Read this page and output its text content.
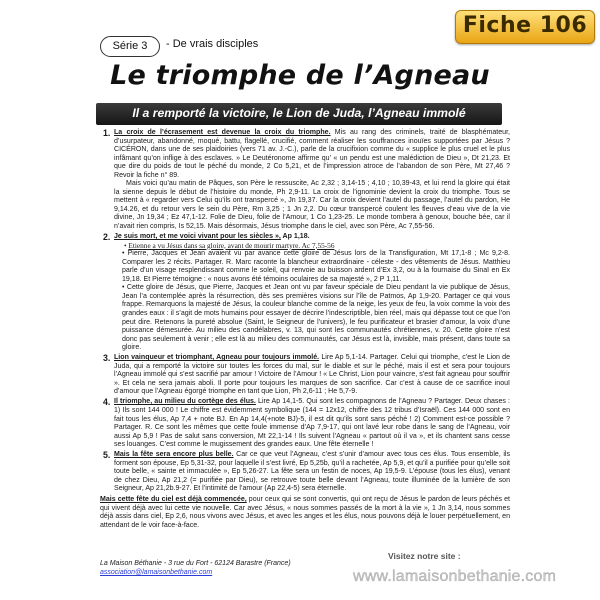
Fiche 106
Série 3	- De vrais disciples
Le triomphe de l’Agneau
Il a remporté la victoire, le Lion de Juda, l’Agneau immolé
1. La croix de l’écrasement est devenue la croix du triomphe. Mis au rang des criminels, traité de blasphémateur, d’usurpateur, abandonné, moqué, battu, flagellé, crucifié, comment réaliser les souffrances inouïes supportées par Jésus ? CICÉRON, dans une de ses plaidoiries (vers 71 av. J.-C.), parle de la crucifixion comme du « supplice le plus cruel et le plus infâmant qu’on inflige à des esclaves. » Le Deutéronome affirme qu’ « un pendu est une malédiction de Dieu », Dt 21,23. Et que dire du poids de tout le péché du monde, 2 Co 5,21, et de l’impression atroce de l’abandon de son Père, Mt 27,46 ? Revoir la fiche n° 89.

Mais voici qu’au matin de Pâques, son Père le ressuscite, Ac 2,32 ; 3,14-15 ; 4,10 ; 10,39-43, et lui rend la gloire qui était la sienne depuis le début de l’histoire du monde, Ph 2,9-11. La croix de l’ignominie devient la croix du triomphe. Tous se mettent à « regarder vers Celui qu’ils ont transpercé », Jn 19,37. Car la croix devient l’autel du passage, l’autel du pardon, He 9,14.26, et du retour vers le sein du Père, Rm 3,25 ; 1 Jn 2,2. Du cœur transpercé coulent les fleuves d’eau vive de la vie divine, Jn 19,34 ; Ez 47,1-12. Folie de Dieu, folie de l’Amour, 1 Co 1,23-25. Le monde tombera à genoux, bouche bée, car il n’avait rien compris, Is 52,15. Mais désormais, Jésus triomphe dans le ciel, avec son Père, Ac 7,55-56.

2. Je suis mort, et me voici vivant pour les siècles », Ap 1,18.

• Etienne a vu Jésus dans sa gloire, avant de mourir martyre. Ac 7,55-56

• Pierre, Jacques et Jean avaient vu par avance cette gloire de Jésus lors de la Transfiguration, Mt 17,1-8 ; Mc 9,2-8. Comparer les 2 récits. Partager. R. Marc raconte la blancheur extraordinaire - céleste - des vêtements de Jésus. Matthieu parle d’un visage resplendissant comme le soleil, qui renvoie au buisson ardent d’Ex 3,2, ou à la fournaise du Sinaï en Ex 19,18. Et Pierre témoigne : « nous avons été témoins oculaires de sa majesté », 2 P 1,11.

• Cette gloire de Jésus, que Pierre, Jacques et Jean ont vu par faveur spéciale de Dieu pendant la vie publique de Jésus, Jean l’a contemplée après la résurrection, dès ses premières visions sur l’île de Patmos, Ap 1,9-20. Partager ce qui vous frappe. Remarquons la majesté de Jésus, la couleur blanche comme de la neige, les yeux de feu, la voix comme la voix des grandes eaux : il s’agit de mots humains pour essayer de décrire l’indescriptible, bien réel, mais qui dépasse tout ce que l’on peut dire. Retenons la pureté absolue (Saint, le Seigneur de l’univers), le feu purificateur et brasier d’amour, la voix d’une puissance démesurée. Au milieu des candélabres, v. 13, qui sont les communautés chrétiennes, v. 20. Cette gloire n’est donc pas seulement à venir ; elle est là au milieu des communautés, car Jésus est là, invisible, mais présent, dans toute sa gloire.

3. Lion vainqueur et triomphant, Agneau pour toujours immolé. Lire Ap 5,1-14. Partager. Celui qui triomphe, c’est le Lion de Juda, qui a remporté la victoire sur toutes les forces du mal, sur le diable et sur le péché, mais il est et sera pour toujours l’Agneau immolé qui s’est sacrifié par amour ! Victoire de l’Amour ! « Le Christ, Lion pour vaincre, s’est fait agneau pour souffrir ». Et cela ne sera jamais aboli. Il porte pour toujours les marques de son sacrifice. Car c’est à cause de ce sacrifice inouï d’amour que l’Agneau égorgé triomphe en tant que Lion, Ph 2,6-11 ; He 5,7-9.

4. Il triomphe, au milieu du cortège des élus. Lire Ap 14,1-5. Qui sont les compagnons de l’Agneau ? Partager. Deux chases : 1) Ils sont 144 000 ! Le chiffre est évidemment symbolique (144 = 12x12, chiffre des 12 tribus d’Israël). Ces 144 000 sont en fait tous les élus, Ap 7,4 + note BJ. En Ap 14,4(+note BJ)-5, il est dit qu’ils sont sans péché ! 2) Comment est-ce possible ? Partager. R. Ce sont les mêmes que cette foule immense d’Ap 7,9-17, qui ont lavé leur robe dans le sang de l’Agneau, voir aussi Ap 5,9 ! Pas de salut sans conversion, Mt 22,1-14 ! Ils suivent l’Agneau « partout où il va », et ils chantent sans cesse ses louanges. C’est comme le mugissement des grandes eaux. Une fête éternelle !

5. Mais la fête sera encore plus belle. Car ce que veut l’Agneau, c’est s’unir d’amour avec tous ces élus. Tous ensemble, ils forment son épouse, Ep 5,31-32, pour laquelle il s’est livré, Ep 5,25b, qu’il a rachetée, Ap 5,9, et qu’il a purifiée pour qu’elle soit toute belle, « sainte et immaculée », Ep 5,26-27. La fête sera un festin de noces, Ap 19,5-9. L’épouse (tous les élus), venant de chez Dieu, Ap 21,2 (= purifiée par Dieu), se retrouve toute belle devant l’Agneau, toute illuminée de la lumière de son Seigneur, Ap 21,2b.9-27. Et l’intimité de l’amour (Ap 22,4-5) sera éternelle.

Mais cette fête du ciel est déjà commencée, pour ceux qui se sont convertis, qui ont reçu de Jésus le pardon de leurs péchés et qui vivent déjà avec lui cette vie nouvelle. Car avec Jésus, « nous sommes passés de la mort à la vie », 1 Jn 3,14, nous sommes déjà assis dans ciel, Ep 2,6, nous vivons avec Jésus, et avec les anges et les élus, nous pouvons déjà le louer perpétuellement, en attendant de le voir face-à-face.

La Maison Béthanie - 3 rue du Fort - 62124 Barastre (France)
association@lamaisonbethanie.com
Visitez notre site :
www.lamaisonbethanie.com
